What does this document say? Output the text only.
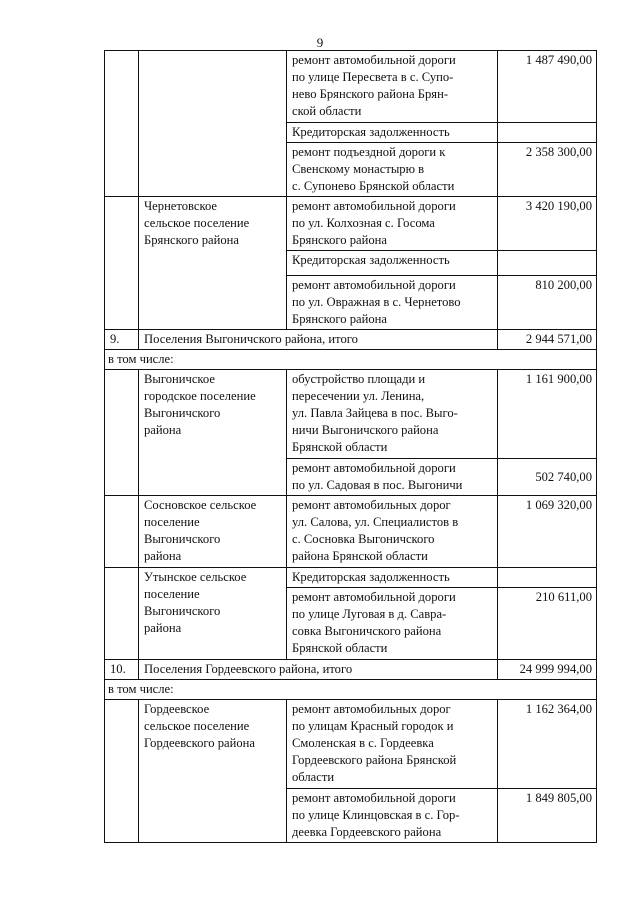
9
		ремонт автомобильной дороги
по улице Пересвета в с. Супо-
нево Брянского района Брян-
ской области	1 487 490,00
		Кредиторская задолженность	
		ремонт подъездной дороги к
Свенскому монастырю в
с. Супонево Брянской области	2 358 300,00
	Чернетовское
сельское поселение
Брянского района	ремонт автомобильной дороги
по ул. Колхозная с. Госома
Брянского района	3 420 190,00
		Кредиторская задолженность	
		ремонт автомобильной дороги
по ул. Овражная в с. Чернетово
Брянского района	810 200,00
9.	Поселения Выгоничского района, итого		2 944 571,00
в том числе:			
	Выгоничское
городское поселение
Выгоничского
района	обустройство площади и
пересечении ул. Ленина,
ул. Павла Зайцева в пос. Выго-
ничи Выгоничского района
Брянской области	1 161 900,00
		ремонт автомобильной дороги
по ул. Садовая в пос. Выгоничи	502 740,00
	Сосновское сельское
поселение
Выгоничского
района	ремонт автомобильных дорог
ул. Салова, ул. Специалистов в
с. Сосновка Выгоничского
района Брянской области	1 069 320,00
	Утынское сельское
поселение
Выгоничского
района	Кредиторская задолженность	
		ремонт автомобильной дороги
по улице Луговая в д. Савра-
совка Выгоничского района
Брянской области	210 611,00
10.	Поселения Гордеевского района, итого		24 999 994,00
в том числе:			
	Гордеевское
сельское поселение
Гордеевского района	ремонт автомобильных дорог
по улицам Красный городок и
Смоленская в с. Гордеевка
Гордеевского района Брянской
области	1 162 364,00
		ремонт автомобильной дороги
по улице Клинцовская в с. Гор-
деевка Гордеевского района	1 849 805,00
